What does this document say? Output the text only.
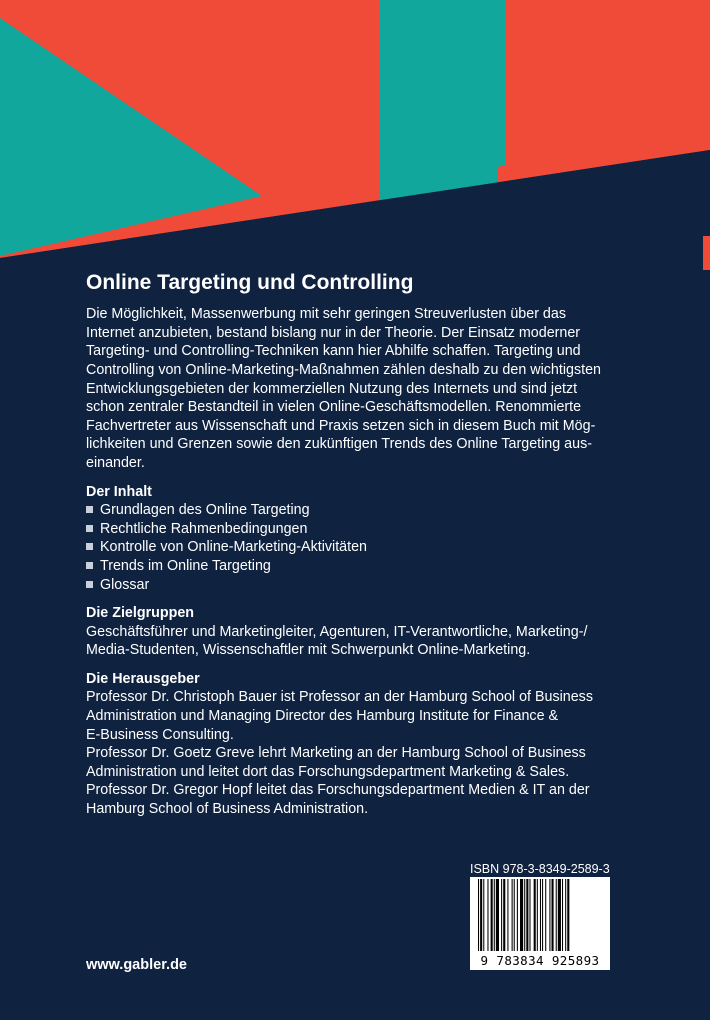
Online Targeting und Controlling
Die Möglichkeit, Massenwerbung mit sehr geringen Streuverlusten über das
Internet anzubieten, bestand bislang nur in der Theorie. Der Einsatz moderner
Targeting- und Controlling-Techniken kann hier Abhilfe schaffen. Targeting und
Controlling von Online-Marketing-Maßnahmen zählen deshalb zu den wichtigsten
Entwicklungsgebieten der kommerziellen Nutzung des Internets und sind jetzt
schon zentraler Bestandteil in vielen Online-Geschäftsmodellen. Renommierte
Fachvertreter aus Wissenschaft und Praxis setzen sich in diesem Buch mit Mög-
lichkeiten und Grenzen sowie den zukünftigen Trends des Online Targeting aus-
einander.
Der Inhalt
Grundlagen des Online Targeting
Rechtliche Rahmenbedingungen
Kontrolle von Online-Marketing-Aktivitäten
Trends im Online Targeting
Glossar
Die Zielgruppen
Geschäftsführer und Marketingleiter, Agenturen, IT-Verantwortliche, Marketing-/
Media-Studenten, Wissenschaftler mit Schwerpunkt Online-Marketing.
Die Herausgeber
Professor Dr. Christoph Bauer ist Professor an der Hamburg School of Business
Administration und Managing Director des Hamburg Institute for Finance &
E-Business Consulting.
Professor Dr. Goetz Greve lehrt Marketing an der Hamburg School of Business
Administration und leitet dort das Forschungsdepartment Marketing & Sales.
Professor Dr. Gregor Hopf leitet das Forschungsdepartment Medien & IT an der
Hamburg School of Business Administration.
ISBN 978-3-8349-2589-3
9 783834 925893
www.gabler.de
